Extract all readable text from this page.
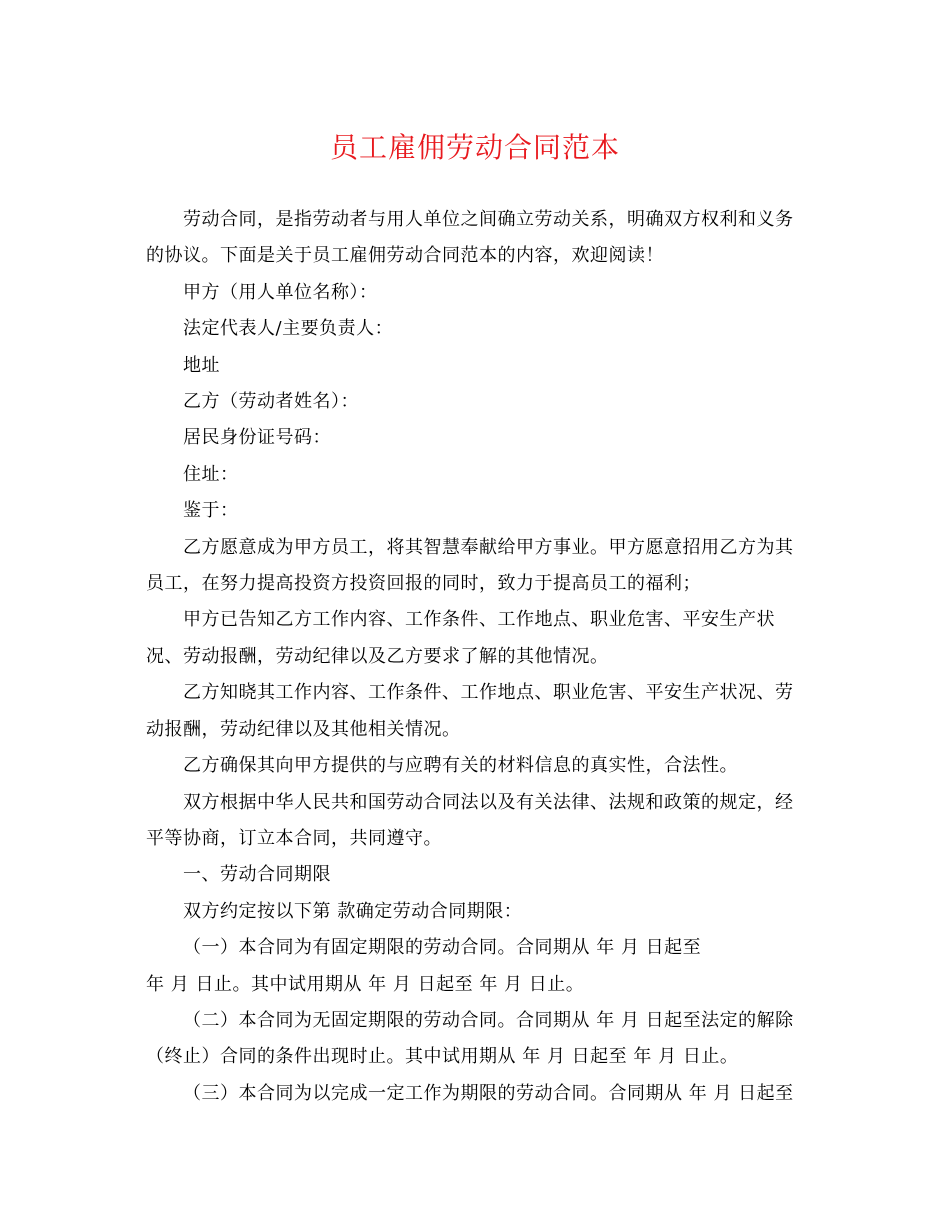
员工雇佣劳动合同范本

劳动合同，是指劳动者与用人单位之间确立劳动关系，明确双方权利和义务的协议。下面是关于员工雇佣劳动合同范本的内容，欢迎阅读！

甲方（用人单位名称）：

法定代表人/主要负责人：

地址

乙方（劳动者姓名）：

居民身份证号码：

住址：

鉴于：

乙方愿意成为甲方员工，将其智慧奉献给甲方事业。甲方愿意招用乙方为其员工，在努力提高投资方投资回报的同时，致力于提高员工的福利；

甲方已告知乙方工作内容、工作条件、工作地点、职业危害、平安生产状况、劳动报酬，劳动纪律以及乙方要求了解的其他情况。

乙方知晓其工作内容、工作条件、工作地点、职业危害、平安生产状况、劳动报酬，劳动纪律以及其他相关情况。

乙方确保其向甲方提供的与应聘有关的材料信息的真实性，合法性。

双方根据中华人民共和国劳动合同法以及有关法律、法规和政策的规定，经平等协商，订立本合同，共同遵守。

一、劳动合同期限

双方约定按以下第 款确定劳动合同期限：

（一）本合同为有固定期限的劳动合同。合同期从 年 月 日起至

年 月 日止。其中试用期从 年 月 日起至 年 月 日止。

（二）本合同为无固定期限的劳动合同。合同期从 年 月 日起至法定的解除（终止）合同的条件出现时止。其中试用期从 年 月 日起至 年 月 日止。

（三）本合同为以完成一定工作为期限的劳动合同。合同期从 年 月 日起至
